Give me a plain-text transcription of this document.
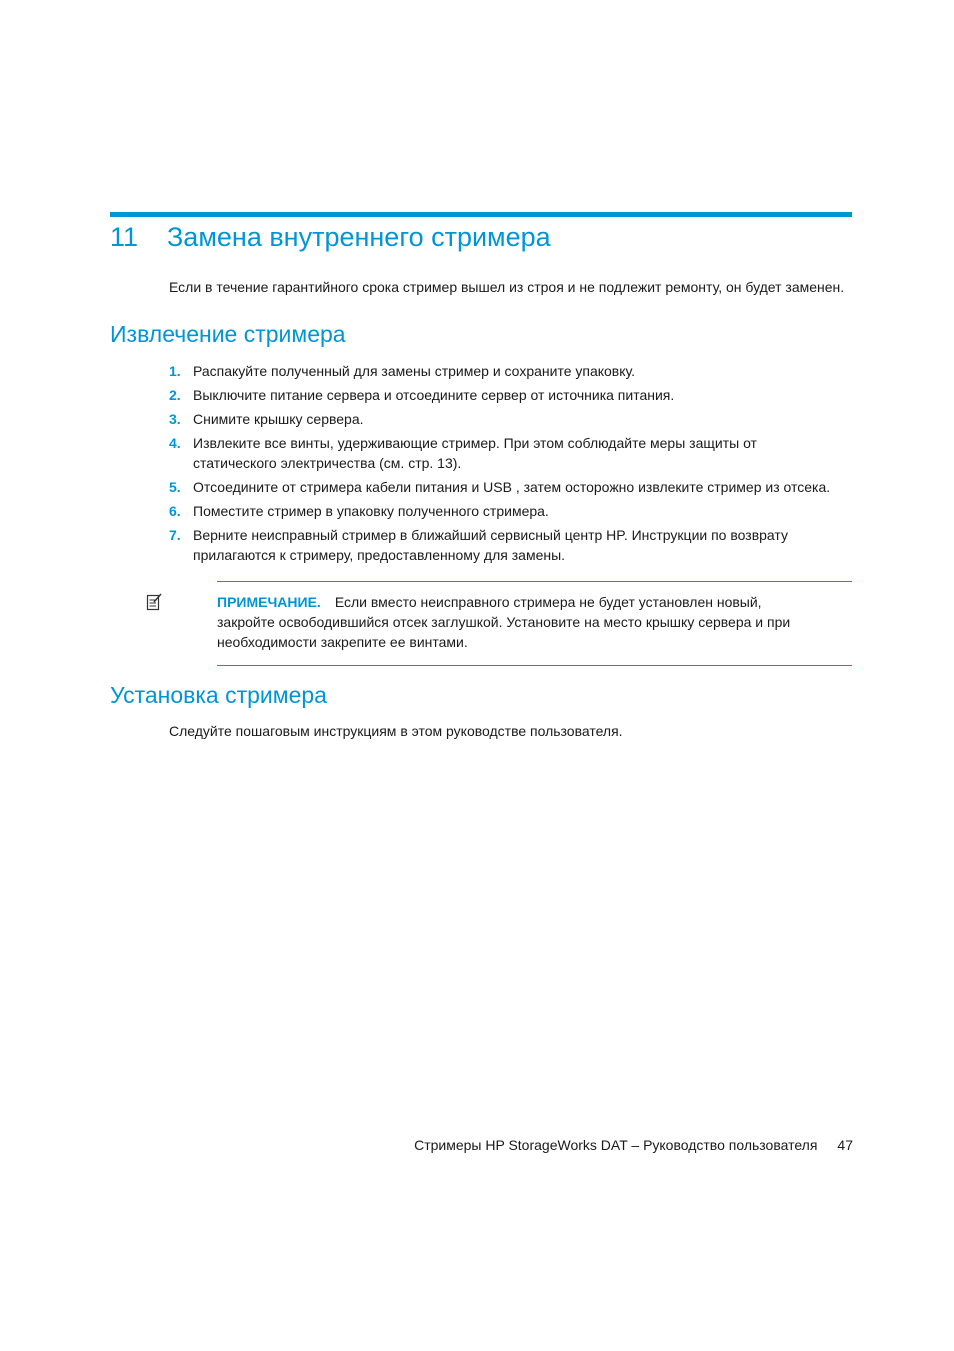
11 Замена внутреннего стримера
Если в течение гарантийного срока стример вышел из строя и не подлежит ремонту, он будет заменен.
Извлечение стримера
1. Распакуйте полученный для замены стример и сохраните упаковку.
2. Выключите питание сервера и отсоедините сервер от источника питания.
3. Снимите крышку сервера.
4. Извлеките все винты, удерживающие стример. При этом соблюдайте меры защиты от статического электричества (см. стр. 13).
5. Отсоедините от стримера кабели питания и USB , затем осторожно извлеките стример из отсека.
6. Поместите стример в упаковку полученного стримера.
7. Верните неисправный стример в ближайший сервисный центр HP. Инструкции по возврату прилагаются к стримеру, предоставленному для замены.
ПРИМЕЧАНИЕ. Если вместо неисправного стримера не будет установлен новый, закройте освободившийся отсек заглушкой. Установите на место крышку сервера и при необходимости закрепите ее винтами.
Установка стримера
Следуйте пошаговым инструкциям в этом руководстве пользователя.
Стримеры HP StorageWorks DAT – Руководство пользователя 47
